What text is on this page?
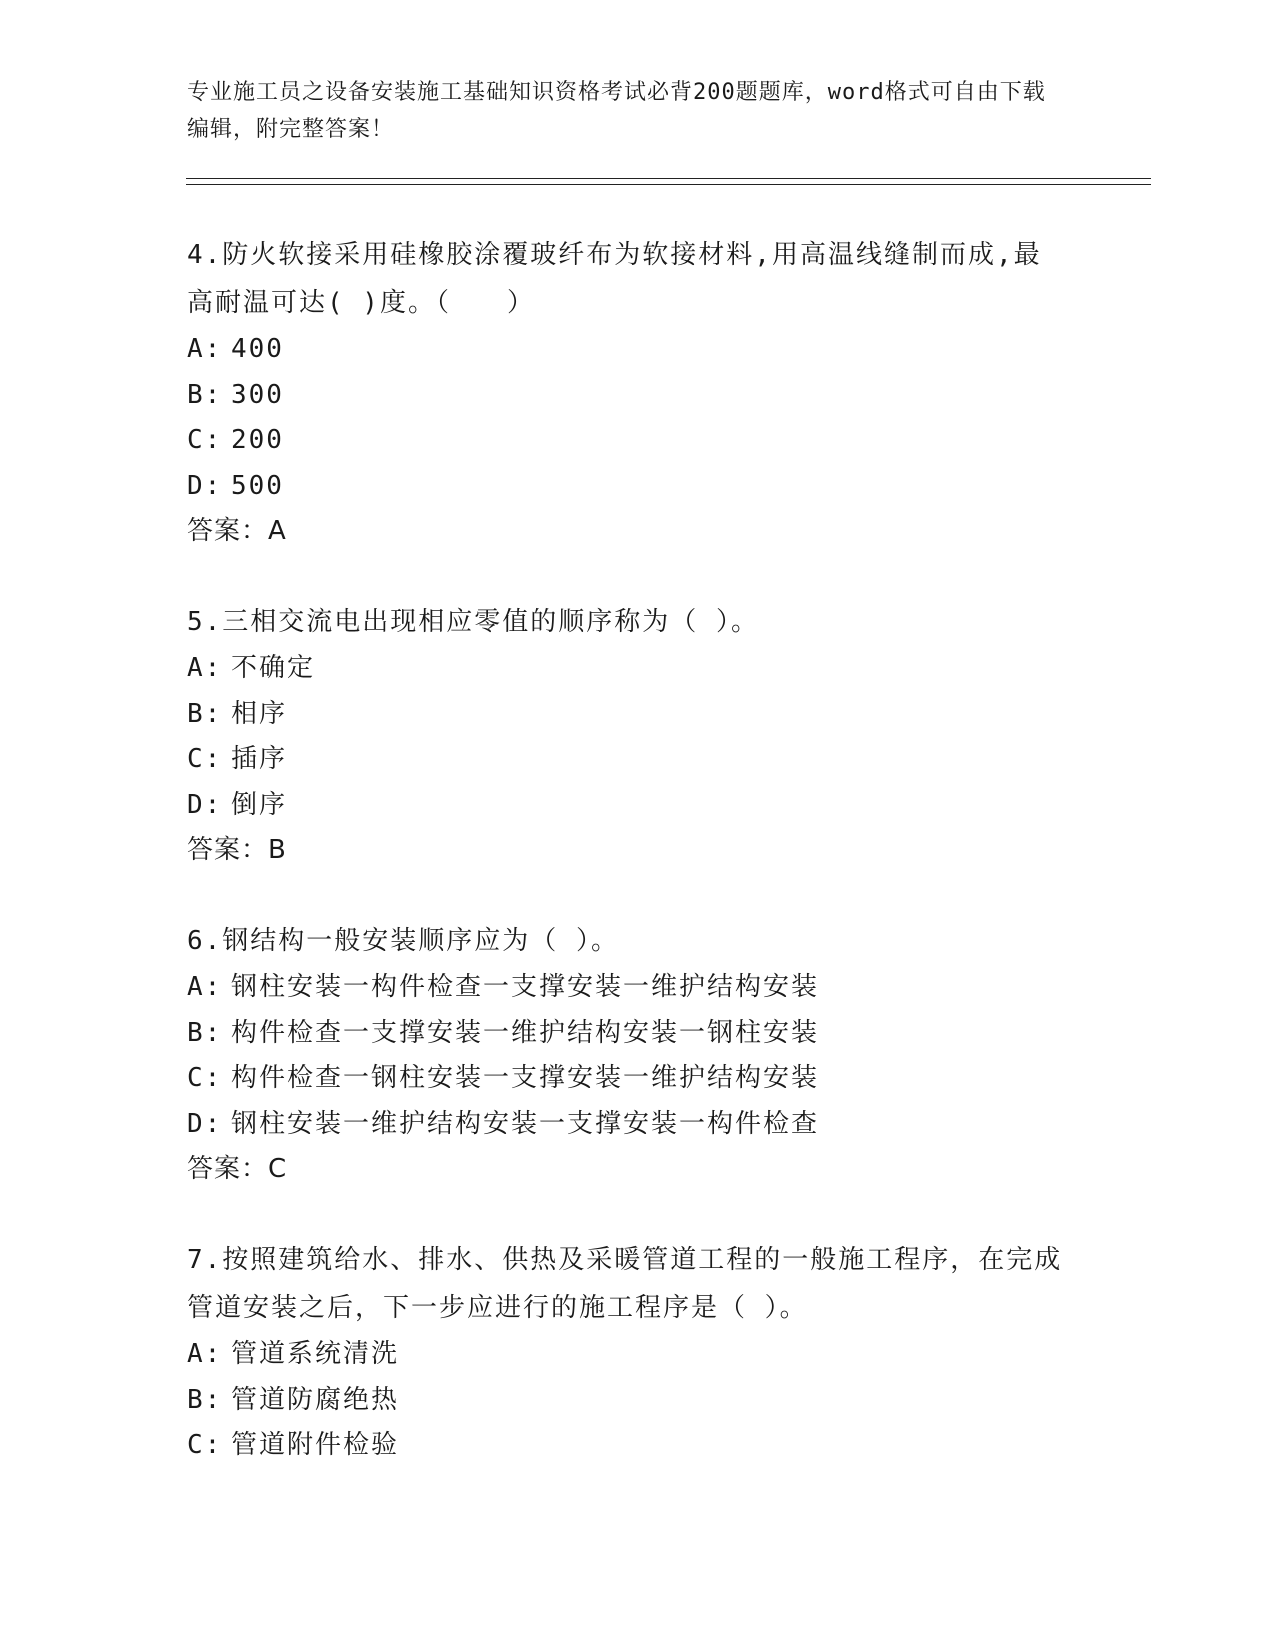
专业施工员之设备安装施工基础知识资格考试必背200题题库，word格式可自由下载编辑，附完整答案！
4.防火软接采用硅橡胶涂覆玻纤布为软接材料,用高温线缝制而成,最高耐温可达( )度。（　　）
A: 400
B: 300
C: 200
D: 500
答案：A
5.三相交流电出现相应零值的顺序称为（ ）。
A: 不确定
B: 相序
C: 插序
D: 倒序
答案：B
6.钢结构一般安装顺序应为（ ）。
A: 钢柱安装一构件检查一支撑安装一维护结构安装
B: 构件检查一支撑安装一维护结构安装一钢柱安装
C: 构件检查一钢柱安装一支撑安装一维护结构安装
D: 钢柱安装一维护结构安装一支撑安装一构件检查
答案：C
7.按照建筑给水、排水、供热及采暖管道工程的一般施工程序，在完成管道安装之后，下一步应进行的施工程序是（ ）。
A: 管道系统清洗
B: 管道防腐绝热
C: 管道附件检验
